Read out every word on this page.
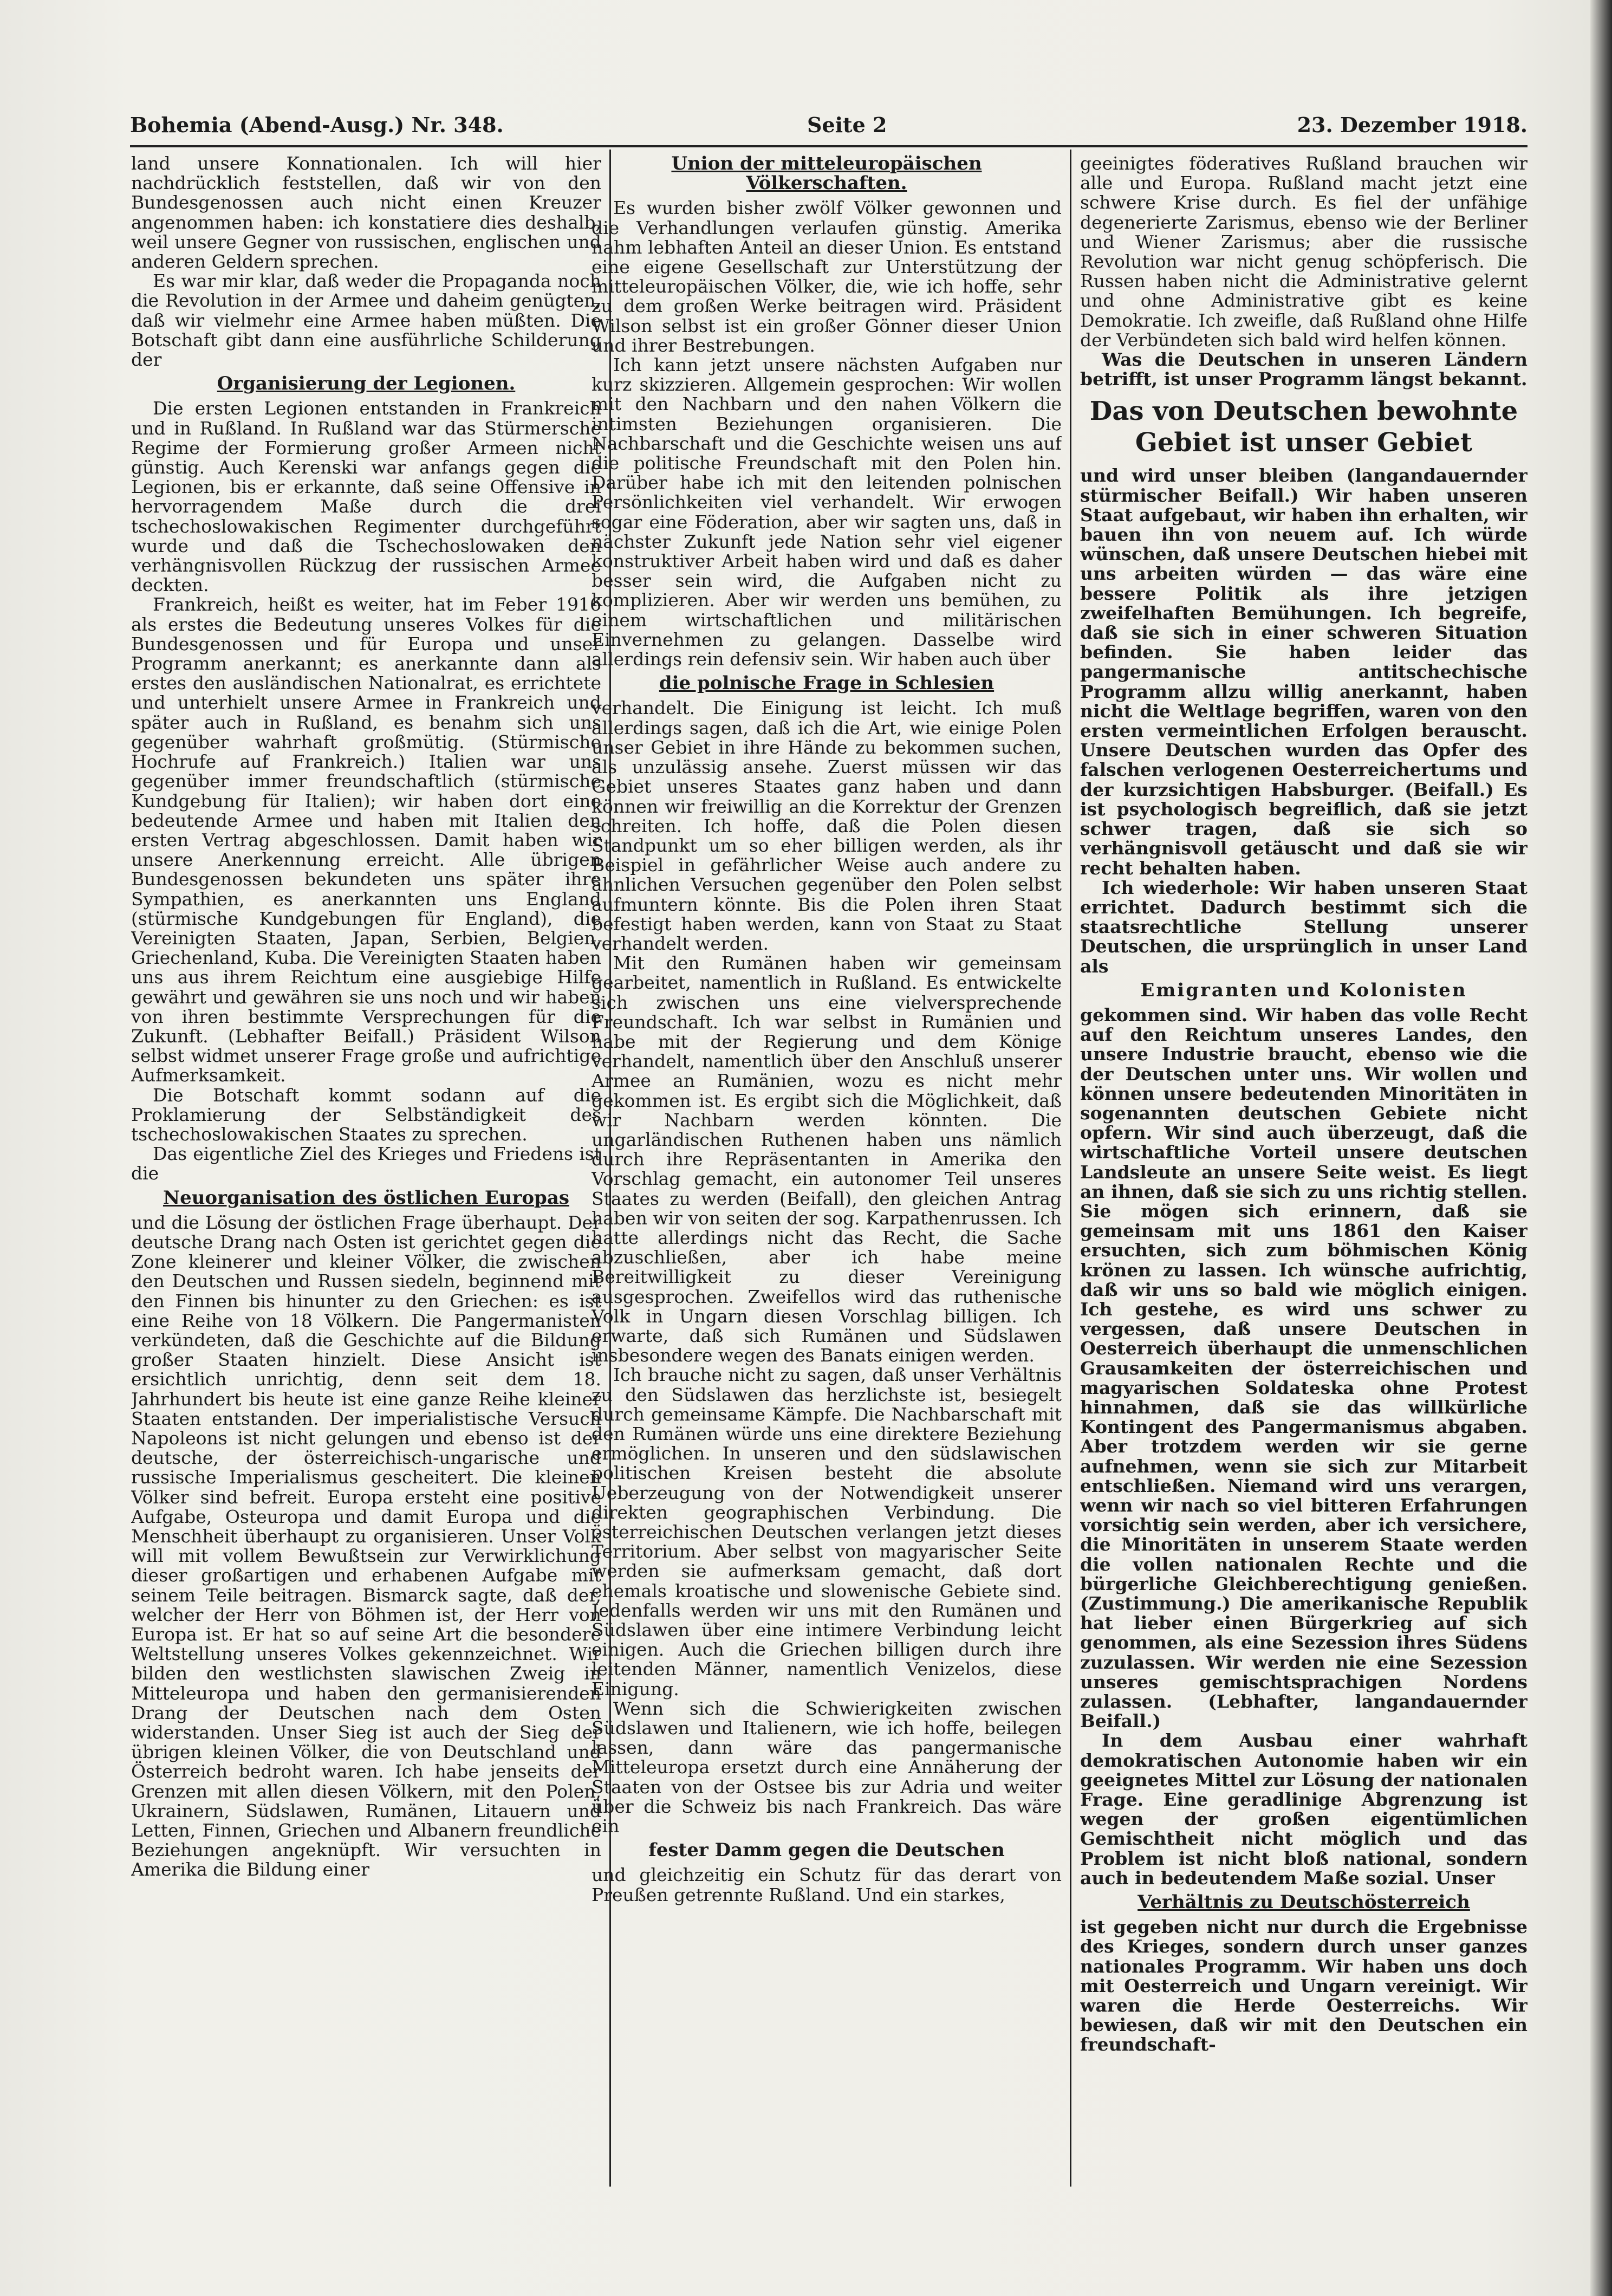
Bohemia (Abend-Ausg.) Nr. 348.	Seite 2	23. Dezember 1918.

land unsere Konnationalen. Ich will hier nachdrücklich feststellen, daß wir von den Bundesgenossen auch nicht einen Kreuzer angenommen haben: ich konstatiere dies deshalb, weil unsere Gegner von russischen, englischen und anderen Geldern sprechen.

Es war mir klar, daß weder die Propaganda noch die Revolution in der Armee und daheim genügten, daß wir vielmehr eine Armee haben müßten. Die Botschaft gibt dann eine ausführliche Schilderung der

Organisierung der Legionen.

Die ersten Legionen entstanden in Frankreich und in Rußland. In Rußland war das Stürmersche Regime der Formierung großer Armeen nicht günstig. Auch Kerenski war anfangs gegen die Legionen, bis er erkannte, daß seine Offensive in hervorragendem Maße durch die drei tschechoslowakischen Regimenter durchgeführt wurde und daß die Tschechoslowaken den verhängnisvollen Rückzug der russischen Armee deckten.

Frankreich, heißt es weiter, hat im Feber 1916 als erstes die Bedeutung unseres Volkes für die Bundesgenossen und für Europa und unser Programm anerkannt; es anerkannte dann als erstes den ausländischen Nationalrat, es errichtete und unterhielt unsere Armee in Frankreich und später auch in Rußland, es benahm sich uns gegenüber wahrhaft großmütig. (Stürmische Hochrufe auf Frankreich.) Italien war uns gegenüber immer freundschaftlich (stürmische Kundgebung für Italien); wir haben dort eine bedeutende Armee und haben mit Italien den ersten Vertrag abgeschlossen. Damit haben wir unsere Anerkennung erreicht. Alle übrigen Bundesgenossen bekundeten uns später ihre Sympathien, es anerkannten uns England (stürmische Kundgebungen für England), die Vereinigten Staaten, Japan, Serbien, Belgien, Griechenland, Kuba. Die Vereinigten Staaten haben uns aus ihrem Reichtum eine ausgiebige Hilfe gewährt und gewähren sie uns noch und wir haben von ihren bestimmte Versprechungen für die Zukunft. (Lebhafter Beifall.) Präsident Wilson selbst widmet unserer Frage große und aufrichtige Aufmerksamkeit.

Die Botschaft kommt sodann auf die Proklamierung der Selbständigkeit des tschechoslowakischen Staates zu sprechen.

Das eigentliche Ziel des Krieges und Friedens ist die

Neuorganisation des östlichen Europas

und die Lösung der östlichen Frage überhaupt. Der deutsche Drang nach Osten ist gerichtet gegen die Zone kleinerer und kleiner Völker, die zwischen den Deutschen und Russen siedeln, beginnend mit den Finnen bis hinunter zu den Griechen: es ist eine Reihe von 18 Völkern. Die Pangermanisten verkündeten, daß die Geschichte auf die Bildung großer Staaten hinzielt. Diese Ansicht ist ersichtlich unrichtig, denn seit dem 18. Jahrhundert bis heute ist eine ganze Reihe kleiner Staaten entstanden. Der imperialistische Versuch Napoleons ist nicht gelungen und ebenso ist der deutsche, der österreichisch-ungarische und russische Imperialismus gescheitert. Die kleinen Völker sind befreit. Europa ersteht eine positive Aufgabe, Osteuropa und damit Europa und die Menschheit überhaupt zu organisieren. Unser Volk will mit vollem Bewußtsein zur Verwirklichung dieser großartigen und erhabenen Aufgabe mit seinem Teile beitragen. Bismarck sagte, daß der, welcher der Herr von Böhmen ist, der Herr von Europa ist. Er hat so auf seine Art die besondere Weltstellung unseres Volkes gekennzeichnet. Wir bilden den westlichsten slawischen Zweig in Mitteleuropa und haben den germanisierenden Drang der Deutschen nach dem Osten widerstanden. Unser Sieg ist auch der Sieg der übrigen kleinen Völker, die von Deutschland und Österreich bedroht waren. Ich habe jenseits der Grenzen mit allen diesen Völkern, mit den Polen, Ukrainern, Südslawen, Rumänen, Litauern und Letten, Finnen, Griechen und Albanern freundliche Beziehungen angeknüpft. Wir versuchten in Amerika die Bildung einer

Union der mitteleuropäischen Völkerschaften.

Es wurden bisher zwölf Völker gewonnen und die Verhandlungen verlaufen günstig. Amerika nahm lebhaften Anteil an dieser Union. Es entstand eine eigene Gesellschaft zur Unterstützung der mitteleuropäischen Völker, die, wie ich hoffe, sehr zu dem großen Werke beitragen wird. Präsident Wilson selbst ist ein großer Gönner dieser Union und ihrer Bestrebungen.

Ich kann jetzt unsere nächsten Aufgaben nur kurz skizzieren. Allgemein gesprochen: Wir wollen mit den Nachbarn und den nahen Völkern die intimsten Beziehungen organisieren. Die Nachbarschaft und die Geschichte weisen uns auf die politische Freundschaft mit den Polen hin. Darüber habe ich mit den leitenden polnischen Persönlichkeiten viel verhandelt. Wir erwogen sogar eine Föderation, aber wir sagten uns, daß in nächster Zukunft jede Nation sehr viel eigener konstruktiver Arbeit haben wird und daß es daher besser sein wird, die Aufgaben nicht zu komplizieren. Aber wir werden uns bemühen, zu einem wirtschaftlichen und militärischen Einvernehmen zu gelangen. Dasselbe wird allerdings rein defensiv sein. Wir haben auch über

die polnische Frage in Schlesien

verhandelt. Die Einigung ist leicht. Ich muß allerdings sagen, daß ich die Art, wie einige Polen unser Gebiet in ihre Hände zu bekommen suchen, als unzulässig ansehe. Zuerst müssen wir das Gebiet unseres Staates ganz haben und dann können wir freiwillig an die Korrektur der Grenzen schreiten. Ich hoffe, daß die Polen diesen Standpunkt um so eher billigen werden, als ihr Beispiel in gefährlicher Weise auch andere zu ähnlichen Versuchen gegenüber den Polen selbst aufmuntern könnte. Bis die Polen ihren Staat befestigt haben werden, kann von Staat zu Staat verhandelt werden.

Mit den Rumänen haben wir gemeinsam gearbeitet, namentlich in Rußland. Es entwickelte sich zwischen uns eine vielversprechende Freundschaft. Ich war selbst in Rumänien und habe mit der Regierung und dem Könige verhandelt, namentlich über den Anschluß unserer Armee an Rumänien, wozu es nicht mehr gekommen ist. Es ergibt sich die Möglichkeit, daß wir Nachbarn werden könnten. Die ungarländischen Ruthenen haben uns nämlich durch ihre Repräsentanten in Amerika den Vorschlag gemacht, ein autonomer Teil unseres Staates zu werden (Beifall), den gleichen Antrag haben wir von seiten der sog. Karpathenrussen. Ich hatte allerdings nicht das Recht, die Sache abzuschließen, aber ich habe meine Bereitwilligkeit zu dieser Vereinigung ausgesprochen. Zweifellos wird das ruthenische Volk in Ungarn diesen Vorschlag billigen. Ich erwarte, daß sich Rumänen und Südslawen insbesondere wegen des Banats einigen werden.

Ich brauche nicht zu sagen, daß unser Verhältnis zu den Südslawen das herzlichste ist, besiegelt durch gemeinsame Kämpfe. Die Nachbarschaft mit den Rumänen würde uns eine direktere Beziehung ermöglichen. In unseren und den südslawischen politischen Kreisen besteht die absolute Ueberzeugung von der Notwendigkeit unserer direkten geographischen Verbindung. Die österreichischen Deutschen verlangen jetzt dieses Territorium. Aber selbst von magyarischer Seite werden sie aufmerksam gemacht, daß dort ehemals kroatische und slowenische Gebiete sind. Jedenfalls werden wir uns mit den Rumänen und Südslawen über eine intimere Verbindung leicht einigen. Auch die Griechen billigen durch ihre leitenden Männer, namentlich Venizelos, diese Einigung.

Wenn sich die Schwierigkeiten zwischen Südslawen und Italienern, wie ich hoffe, beilegen lassen, dann wäre das pangermanische Mitteleuropa ersetzt durch eine Annäherung der Staaten von der Ostsee bis zur Adria und weiter über die Schweiz bis nach Frankreich. Das wäre ein

fester Damm gegen die Deutschen

und gleichzeitig ein Schutz für das derart von Preußen getrennte Rußland. Und ein starkes,

geeinigtes föderatives Rußland brauchen wir alle und Europa. Rußland macht jetzt eine schwere Krise durch. Es fiel der unfähige degenerierte Zarismus, ebenso wie der Berliner und Wiener Zarismus; aber die russische Revolution war nicht genug schöpferisch. Die Russen haben nicht die Administrative gelernt und ohne Administrative gibt es keine Demokratie. Ich zweifle, daß Rußland ohne Hilfe der Verbündeten sich bald wird helfen können.

Was die Deutschen in unseren Ländern betrifft, ist unser Programm längst bekannt.

Das von Deutschen bewohnte Gebiet ist unser Gebiet

und wird unser bleiben (langandauernder stürmischer Beifall.) Wir haben unseren Staat aufgebaut, wir haben ihn erhalten, wir bauen ihn von neuem auf. Ich würde wünschen, daß unsere Deutschen hiebei mit uns arbeiten würden — das wäre eine bessere Politik als ihre jetzigen zweifelhaften Bemühungen. Ich begreife, daß sie sich in einer schweren Situation befinden. Sie haben leider das pangermanische antitschechische Programm allzu willig anerkannt, haben nicht die Weltlage begriffen, waren von den ersten vermeintlichen Erfolgen berauscht. Unsere Deutschen wurden das Opfer des falschen verlogenen Oesterreichertums und der kurzsichtigen Habsburger. (Beifall.) Es ist psychologisch begreiflich, daß sie jetzt schwer tragen, daß sie sich so verhängnisvoll getäuscht und daß sie wir recht behalten haben.

Ich wiederhole: Wir haben unseren Staat errichtet. Dadurch bestimmt sich die staatsrechtliche Stellung unserer Deutschen, die ursprünglich in unser Land als

Emigranten und Kolonisten

gekommen sind. Wir haben das volle Recht auf den Reichtum unseres Landes, den unsere Industrie braucht, ebenso wie die der Deutschen unter uns. Wir wollen und können unsere bedeutenden Minoritäten in sogenannten deutschen Gebiete nicht opfern. Wir sind auch überzeugt, daß die wirtschaftliche Vorteil unsere deutschen Landsleute an unsere Seite weist. Es liegt an ihnen, daß sie sich zu uns richtig stellen. Sie mögen sich erinnern, daß sie gemeinsam mit uns 1861 den Kaiser ersuchten, sich zum böhmischen König krönen zu lassen. Ich wünsche aufrichtig, daß wir uns so bald wie möglich einigen. Ich gestehe, es wird uns schwer zu vergessen, daß unsere Deutschen in Oesterreich überhaupt die unmenschlichen Grausamkeiten der österreichischen und magyarischen Soldateska ohne Protest hinnahmen, daß sie das willkürliche Kontingent des Pangermanismus abgaben. Aber trotzdem werden wir sie gerne aufnehmen, wenn sie sich zur Mitarbeit entschließen. Niemand wird uns verargen, wenn wir nach so viel bitteren Erfahrungen vorsichtig sein werden, aber ich versichere, die Minoritäten in unserem Staate werden die vollen nationalen Rechte und die bürgerliche Gleichberechtigung genießen. (Zustimmung.) Die amerikanische Republik hat lieber einen Bürgerkrieg auf sich genommen, als eine Sezession ihres Südens zuzulassen. Wir werden nie eine Sezession unseres gemischtsprachigen Nordens zulassen. (Lebhafter, langandauernder Beifall.)

In dem Ausbau einer wahrhaft demokratischen Autonomie haben wir ein geeignetes Mittel zur Lösung der nationalen Frage. Eine geradlinige Abgrenzung ist wegen der großen eigentümlichen Gemischtheit nicht möglich und das Problem ist nicht bloß national, sondern auch in bedeutendem Maße sozial. Unser

Verhältnis zu Deutschösterreich

ist gegeben nicht nur durch die Ergebnisse des Krieges, sondern durch unser ganzes nationales Programm. Wir haben uns doch mit Oesterreich und Ungarn vereinigt. Wir waren die Herde Oesterreichs. Wir bewiesen, daß wir mit den Deutschen ein freundschaft-
